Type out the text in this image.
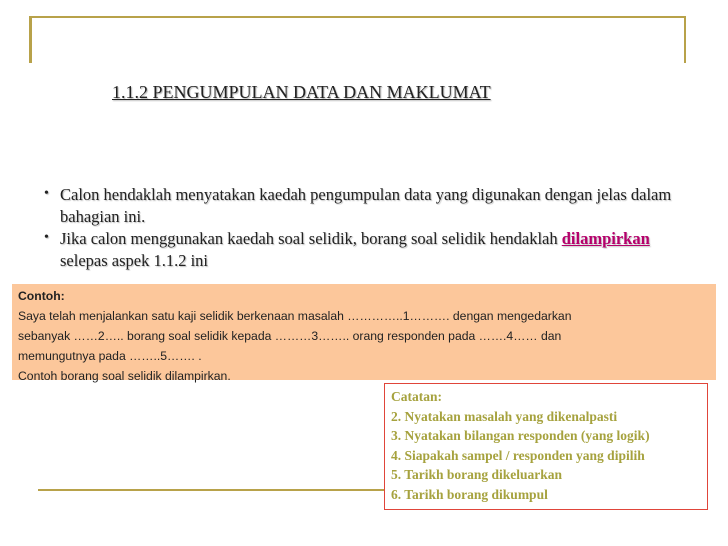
1.1.2 PENGUMPULAN DATA DAN MAKLUMAT
• Calon hendaklah menyatakan kaedah pengumpulan data yang digunakan dengan jelas dalam bahagian ini.
• Jika calon menggunakan kaedah soal selidik, borang soal selidik hendaklah dilampirkan selepas aspek 1.1.2 ini
Contoh:
Saya telah menjalankan satu kaji selidik berkenaan masalah …………..1………. dengan mengedarkan
sebanyak ……2….. borang soal selidik kepada ………3…….. orang responden pada …….4…… dan
memungutnya pada ……..5……. .
Contoh borang soal selidik dilampirkan.
Catatan:
2. Nyatakan masalah yang dikenalpasti
3. Nyatakan bilangan responden (yang logik)
4. Siapakah sampel / responden yang dipilih
5. Tarikh borang dikeluarkan
6. Tarikh borang dikumpul
